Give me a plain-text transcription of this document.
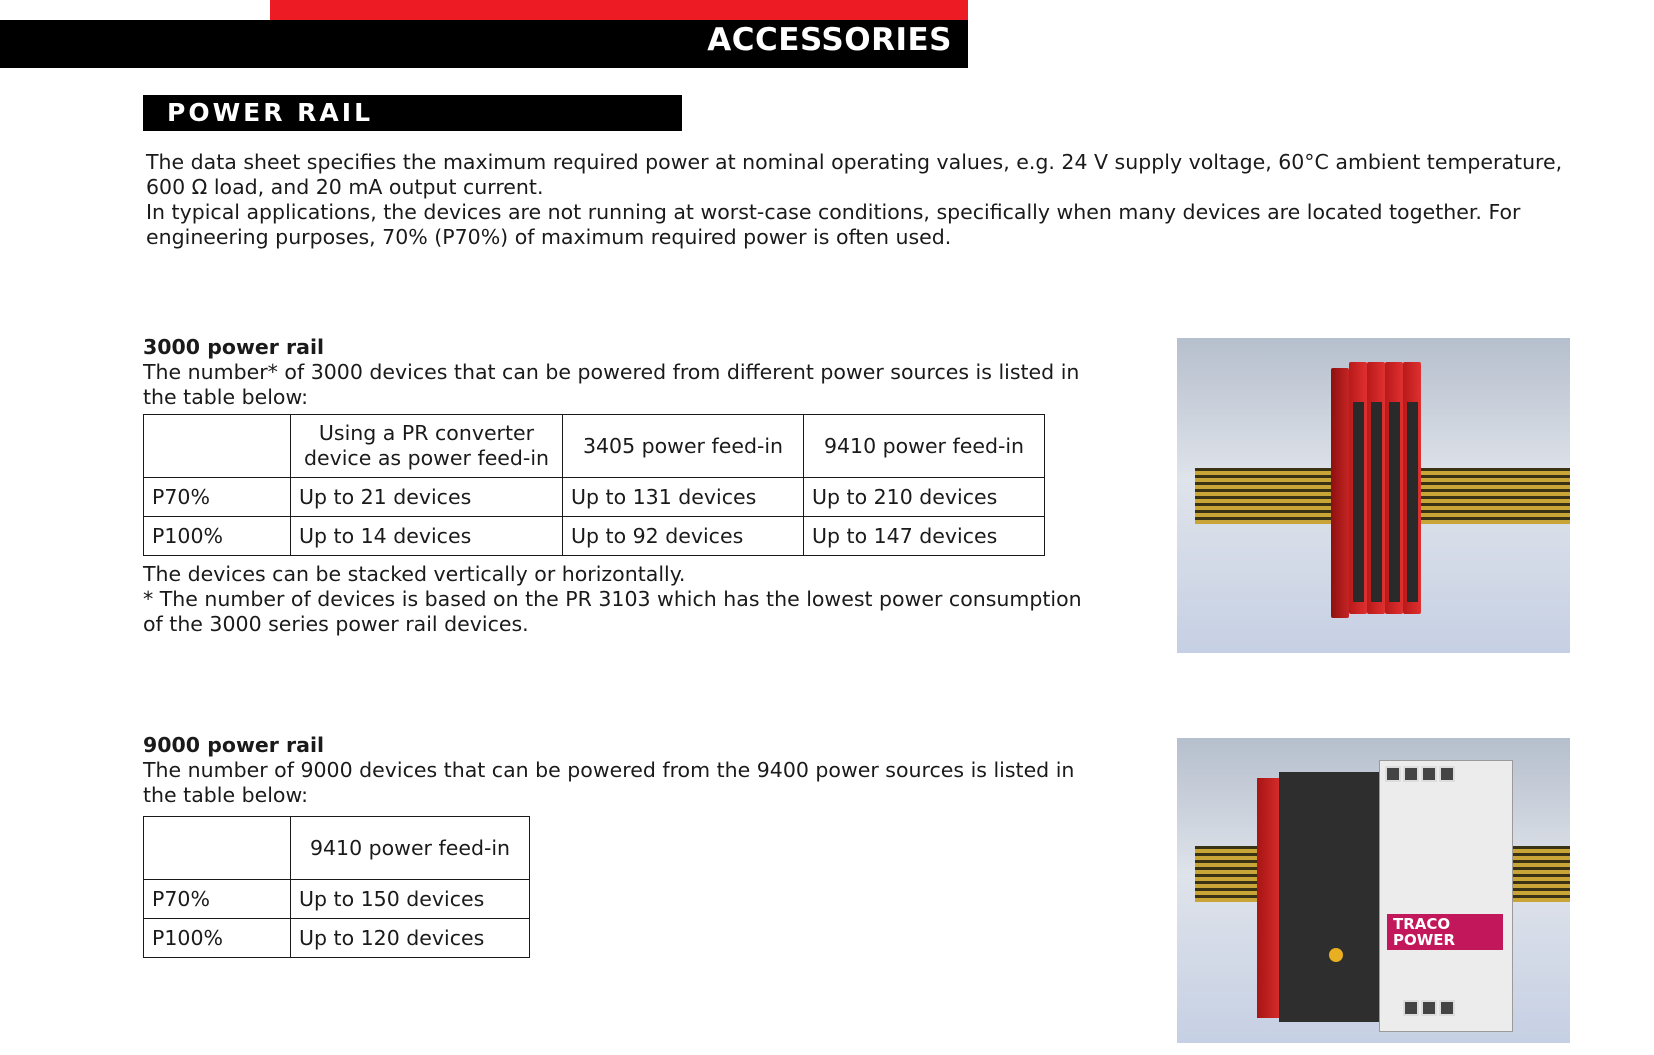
ACCESSORIES
POWER RAIL

The data sheet specifies the maximum required power at nominal operating values, e.g. 24 V supply voltage, 60°C ambient temperature, 600 Ω load, and 20 mA output current.

In typical applications, the devices are not running at worst-case conditions, specifically when many devices are located together. For engineering purposes, 70% (P70%) of maximum required power is often used.

3000 power rail

The number* of 3000 devices that can be powered from different power sources is listed in the table below:

	Using a PR converter device as power feed-in	3405 power feed-in	9410 power feed-in
P70%	Up to 21 devices	Up to 131 devices	Up to 210 devices
P100%	Up to 14 devices	Up to 92 devices	Up to 147 devices

The devices can be stacked vertically or horizontally.

* The number of devices is based on the PR 3103 which has the lowest power consumption of the 3000 series power rail devices.

9000 power rail

The number of 9000 devices that can be powered from the 9400 power sources is listed in the table below:

	9410 power feed-in
P70%	Up to 150 devices
P100%	Up to 120 devices
TRACO POWER
